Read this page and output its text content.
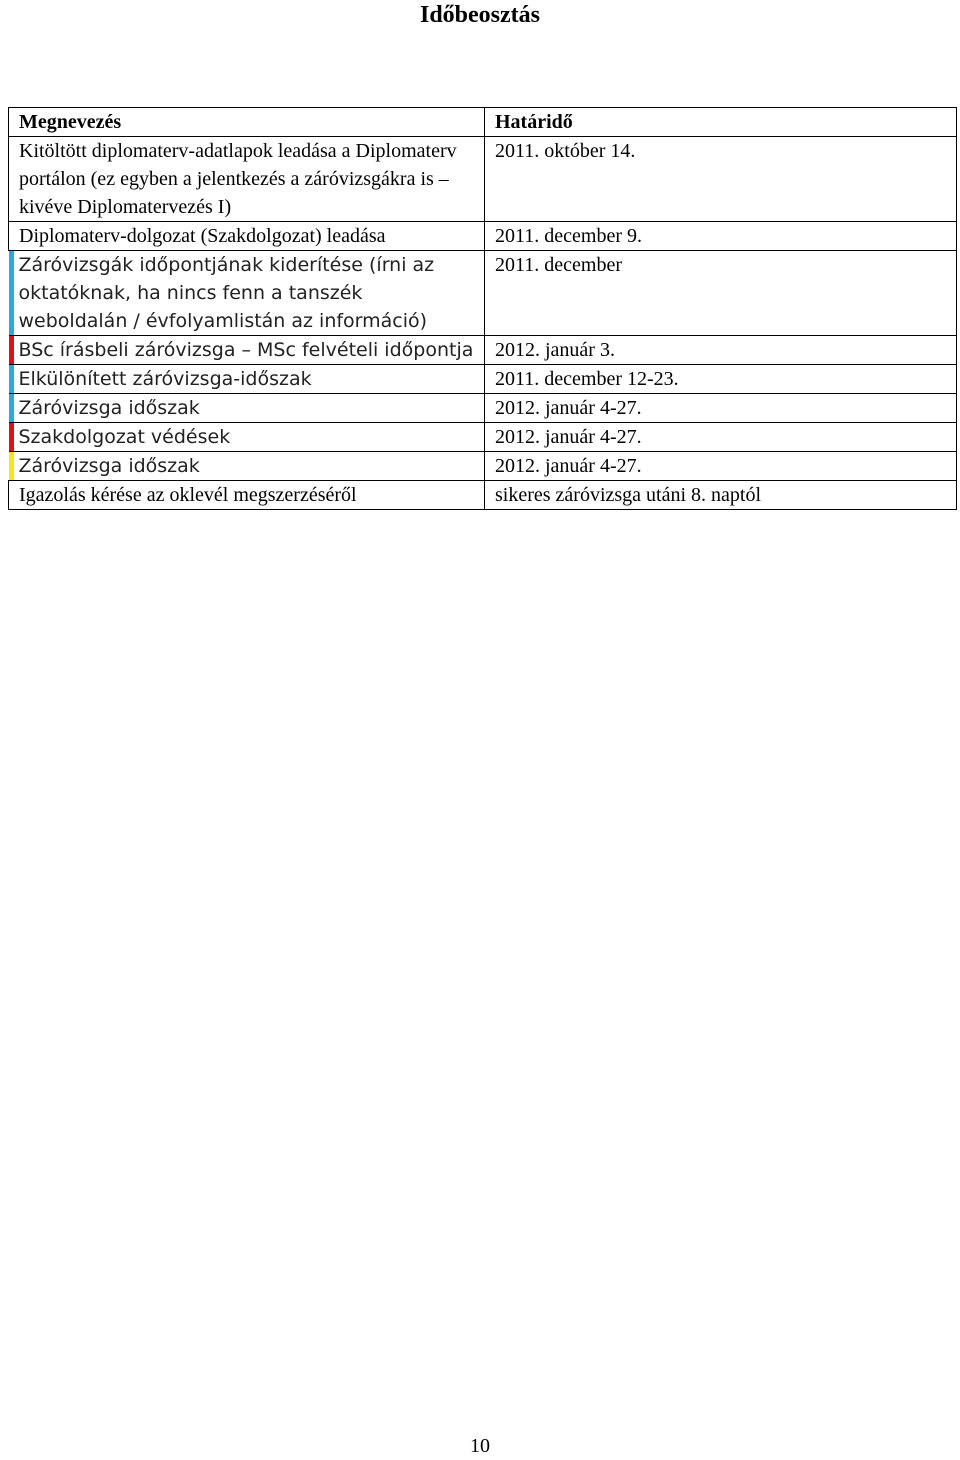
Időbeosztás
Megnevezés	Határidő
Kitöltött diplomaterv-adatlapok leadása a Diplomaterv portálon (ez egyben a jelentkezés a záróvizsgákra is – kivéve Diplomatervezés I)	2011. október 14.
Diplomaterv-dolgozat (Szakdolgozat) leadása	2011. december 9.
Záróvizsgák időpontjának kiderítése (írni az oktatóknak, ha nincs fenn a tanszék weboldalán / évfolyamlistán az információ)	2011. december
BSc írásbeli záróvizsga – MSc felvételi időpontja	2012. január 3.
Elkülönített záróvizsga-időszak	2011. december 12-23.
Záróvizsga időszak	2012. január 4-27.
Szakdolgozat védések	2012. január 4-27.
Záróvizsga időszak	2012. január 4-27.
Igazolás kérése az oklevél megszerzéséről	sikeres záróvizsga utáni 8. naptól
10
